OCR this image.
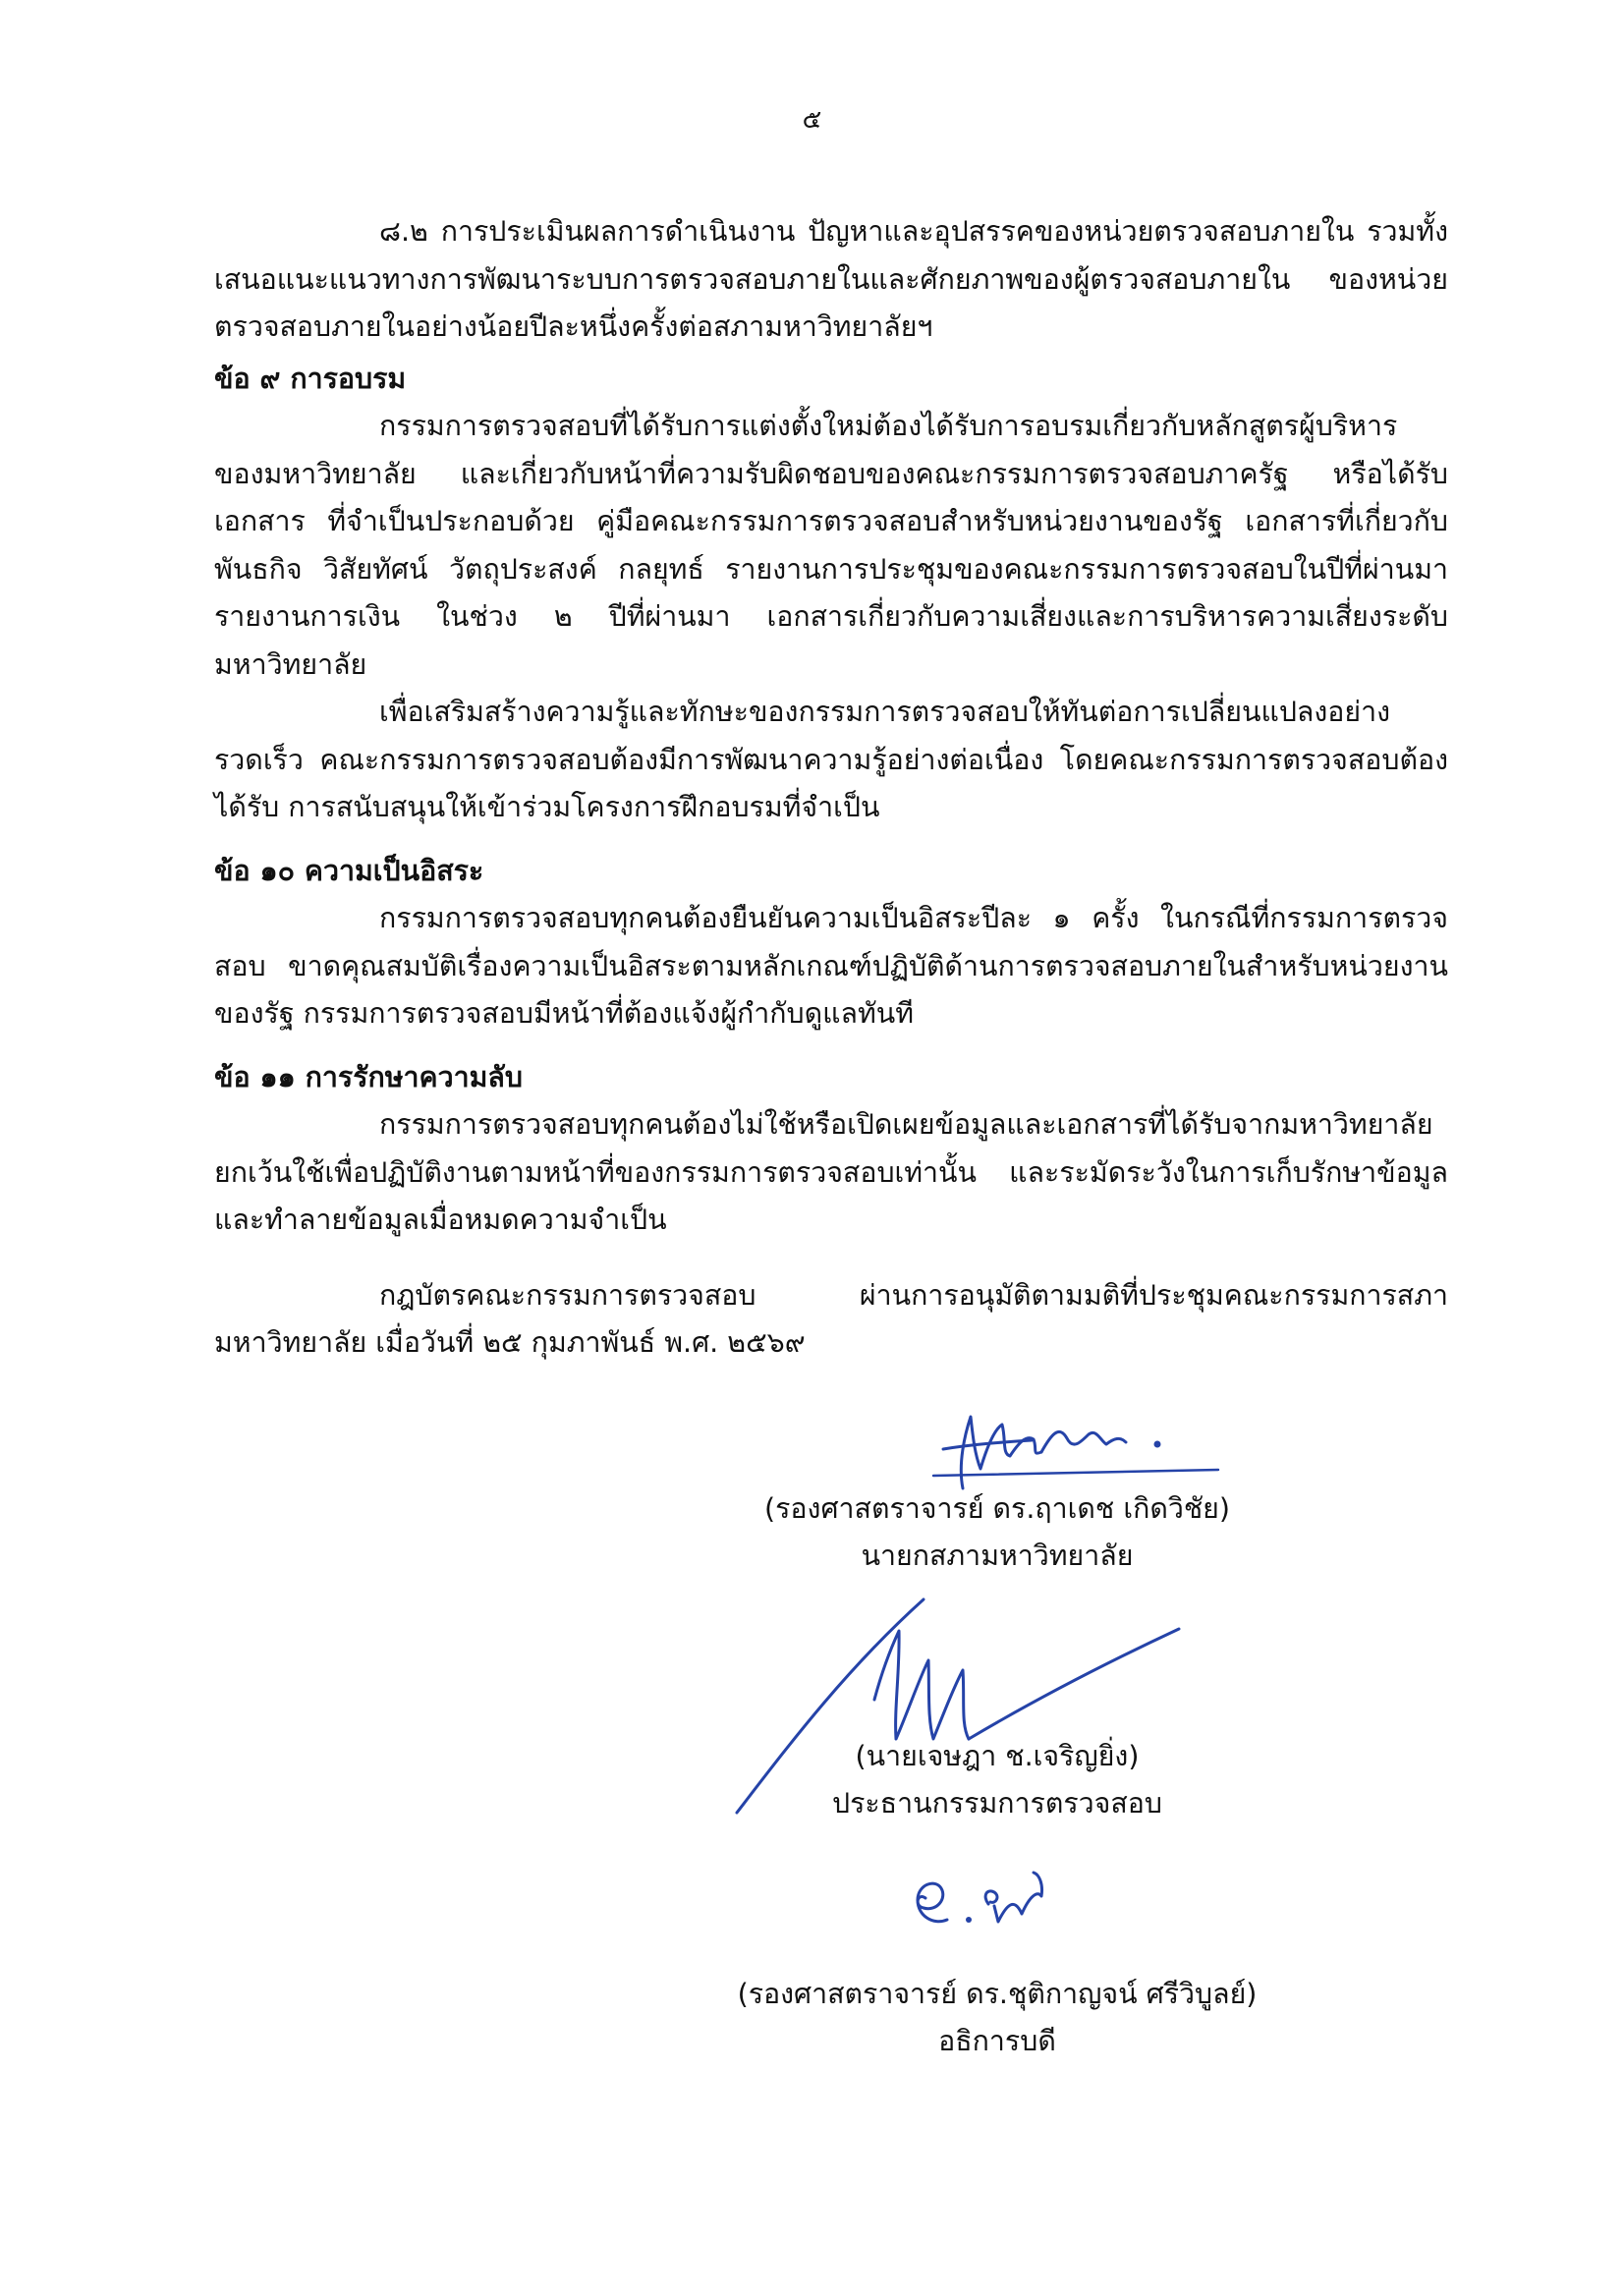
๕

๘.๒ การประเมินผลการดำเนินงาน ปัญหาและอุปสรรคของหน่วยตรวจสอบภายใน รวมทั้ง เสนอแนะแนวทางการพัฒนาระบบการตรวจสอบภายในและศักยภาพของผู้ตรวจสอบภายใน ของหน่วยตรวจสอบภายในอย่างน้อยปีละหนึ่งครั้งต่อสภามหาวิทยาลัยฯ

ข้อ ๙ การอบรม

กรรมการตรวจสอบที่ได้รับการแต่งตั้งใหม่ต้องได้รับการอบรมเกี่ยวกับหลักสูตรผู้บริหาร ของมหาวิทยาลัย และเกี่ยวกับหน้าที่ความรับผิดชอบของคณะกรรมการตรวจสอบภาครัฐ หรือได้รับเอกสาร ที่จำเป็นประกอบด้วย คู่มือคณะกรรมการตรวจสอบสำหรับหน่วยงานของรัฐ เอกสารที่เกี่ยวกับพันธกิจ วิสัยทัศน์ วัตถุประสงค์ กลยุทธ์ รายงานการประชุมของคณะกรรมการตรวจสอบในปีที่ผ่านมา รายงานการเงิน ในช่วง ๒ ปีที่ผ่านมา เอกสารเกี่ยวกับความเสี่ยงและการบริหารความเสี่ยงระดับมหาวิทยาลัย

เพื่อเสริมสร้างความรู้และทักษะของกรรมการตรวจสอบให้ทันต่อการเปลี่ยนแปลงอย่างรวดเร็ว คณะกรรมการตรวจสอบต้องมีการพัฒนาความรู้อย่างต่อเนื่อง โดยคณะกรรมการตรวจสอบต้องได้รับ การสนับสนุนให้เข้าร่วมโครงการฝึกอบรมที่จำเป็น

ข้อ ๑๐ ความเป็นอิสระ

กรรมการตรวจสอบทุกคนต้องยืนยันความเป็นอิสระปีละ ๑ ครั้ง ในกรณีที่กรรมการตรวจสอบ ขาดคุณสมบัติเรื่องความเป็นอิสระตามหลักเกณฑ์ปฏิบัติด้านการตรวจสอบภายในสำหรับหน่วยงานของรัฐ กรรมการตรวจสอบมีหน้าที่ต้องแจ้งผู้กำกับดูแลทันที

ข้อ ๑๑ การรักษาความลับ

กรรมการตรวจสอบทุกคนต้องไม่ใช้หรือเปิดเผยข้อมูลและเอกสารที่ได้รับจากมหาวิทยาลัย ยกเว้นใช้เพื่อปฏิบัติงานตามหน้าที่ของกรรมการตรวจสอบเท่านั้น และระมัดระวังในการเก็บรักษาข้อมูล และทำลายข้อมูลเมื่อหมดความจำเป็น

กฎบัตรคณะกรรมการตรวจสอบ ผ่านการอนุมัติตามมติที่ประชุมคณะกรรมการสภามหาวิทยาลัย เมื่อวันที่ ๒๕ กุมภาพันธ์ พ.ศ. ๒๕๖๙

(รองศาสตราจารย์ ดร.ฤาเดช เกิดวิชัย)
นายกสภามหาวิทยาลัย
(นายเจษฎา ช.เจริญยิ่ง)
ประธานกรรมการตรวจสอบ
(รองศาสตราจารย์ ดร.ชุติกาญจน์ ศรีวิบูลย์)
อธิการบดี
